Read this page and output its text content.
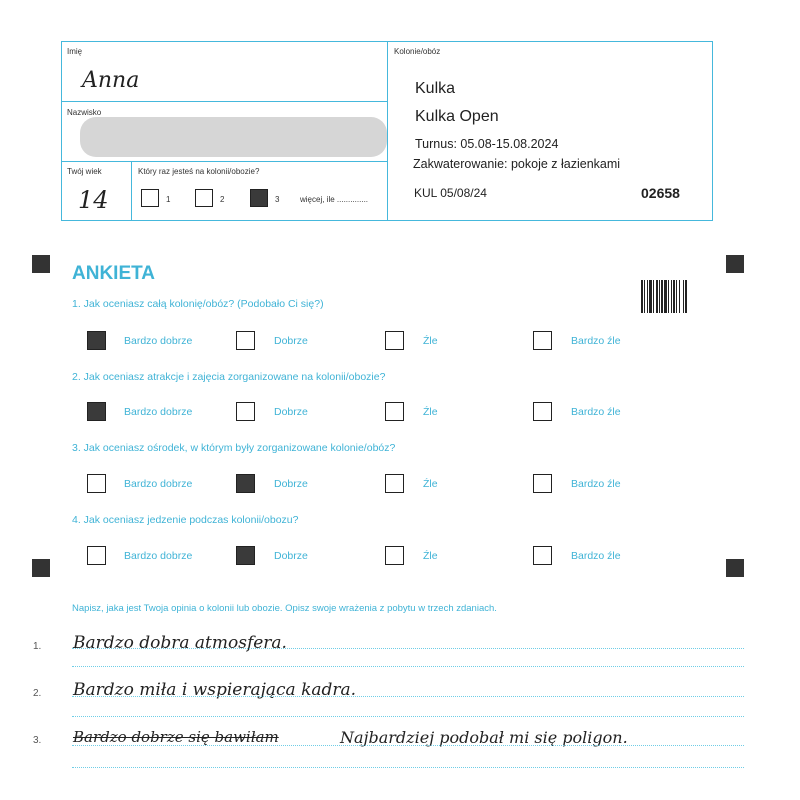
Imię
Anna
Nazwisko
Twój wiek
14
Który raz jesteś na kolonii/obozie?
1	2	3	więcej, ile ..............
Kolonie/obóz
Kulka
Kulka Open
Turnus: 05.08-15.08.2024
Zakwaterowanie: pokoje z łazienkami
KUL 05/08/24	02658
ANKIETA
1. Jak oceniasz całą kolonię/obóz? (Podobało Ci się?)
Bardzo dobrze	Dobrze	Źle	Bardzo źle
2. Jak oceniasz atrakcje i zajęcia zorganizowane na kolonii/obozie?
Bardzo dobrze	Dobrze	Źle	Bardzo źle
3. Jak oceniasz ośrodek, w którym były zorganizowane kolonie/obóz?
Bardzo dobrze	Dobrze	Źle	Bardzo źle
4. Jak oceniasz jedzenie podczas kolonii/obozu?
Bardzo dobrze	Dobrze	Źle	Bardzo źle
Napisz, jaka jest Twoja opinia o kolonii lub obozie. Opisz swoje wrażenia z pobytu w trzech zdaniach.
1. Bardzo dobra atmosfera.
2. Bardzo miła i wspierająca kadra.
3. Bardzo dobrze się bawiłam	Najbardziej podobał mi się poligon.
